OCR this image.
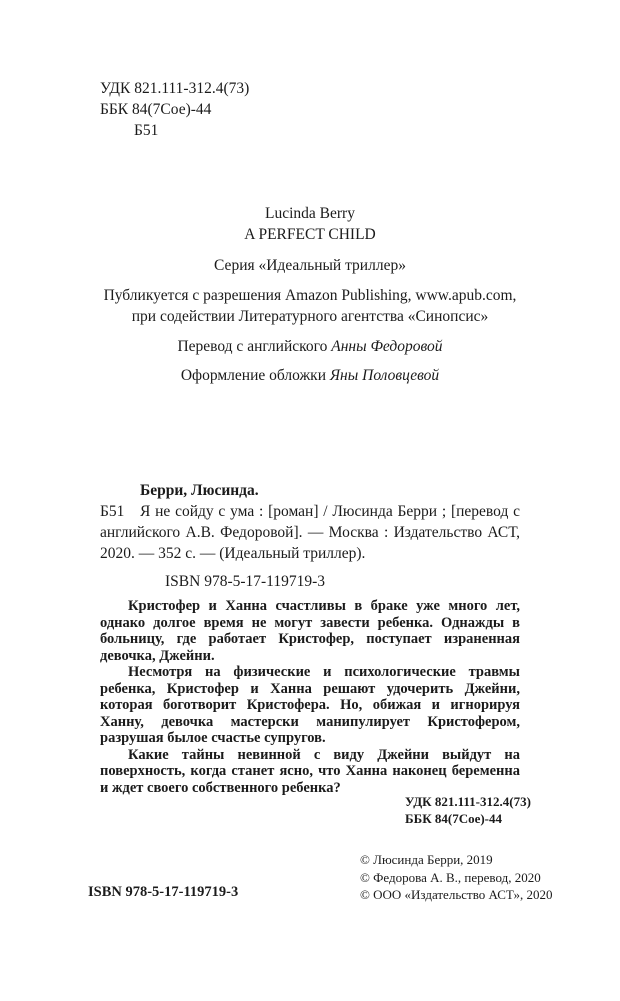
УДК 821.111-312.4(73)
ББК 84(7Сое)-44
Б51
Lucinda Berry
A PERFECT CHILD
Серия «Идеальный триллер»
Публикуется с разрешения Amazon Publishing, www.apub.com,
при содействии Литературного агентства «Синопсис»
Перевод с английского Анны Федоровой
Оформление обложки Яны Половцевой

Берри, Люсинда.

Б51	Я не сойду с ума : [роман] / Люсинда Берри ; [перевод с английского А.В. Федоровой]. — Москва : Издательство АСТ, 2020. — 352 с. — (Идеальный триллер).

ISBN 978-5-17-119719-3

Кристофер и Ханна счастливы в браке уже много лет, однако долгое время не могут завести ребенка. Однажды в больницу, где работает Кристофер, поступает израненная девочка, Джейни.

Несмотря на физические и психологические травмы ребенка, Кристофер и Ханна решают удочерить Джейни, которая боготворит Кристофера. Но, обижая и игнорируя Ханну, девочка мастерски манипулирует Кристофером, разрушая былое счастье супругов.

Какие тайны невинной с виду Джейни выйдут на поверхность, когда станет ясно, что Ханна наконец беременна и ждет своего собственного ребенка?

УДК 821.111-312.4(73)
ББК 84(7Сое)-44
© Люсинда Берри, 2019
© Федорова А. В., перевод, 2020
© ООО «Издательство АСТ», 2020
ISBN 978-5-17-119719-3
